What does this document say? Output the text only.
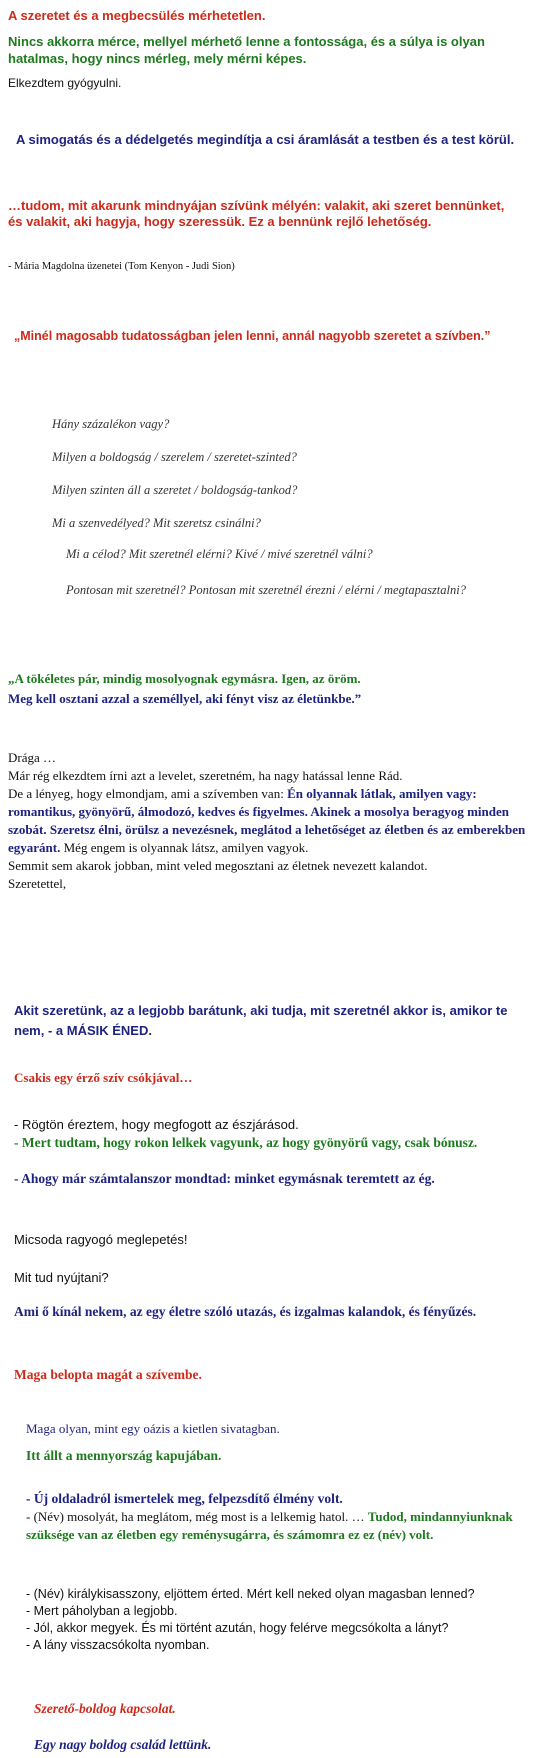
A szeretet és a megbecsülés mérhetetlen.

Nincs akkorra mérce, mellyel mérhető lenne a fontossága, és a súlya is olyan hatalmas, hogy nincs mérleg, mely mérni képes.

Elkezdtem gyógyulni.

A simogatás és a dédelgetés megindítja a csi áramlását a testben és a test körül.

…tudom, mit akarunk mindnyájan szívünk mélyén: valakit, aki szeret bennünket, és valakit, aki hagyja, hogy szeressük. Ez a bennünk rejlő lehetőség.

- Mária Magdolna üzenetei (Tom Kenyon - Judi Sion)

„Minél magosabb tudatosságban jelen lenni, annál nagyobb szeretet a szívben.”

Hány százalékon vagy?

Milyen a boldogság / szerelem / szeretet-szinted?

Milyen szinten áll a szeretet / boldogság-tankod?

Mi a szenvedélyed? Mit szeretsz csinálni?

Mi a célod? Mit szeretnél elérni? Kivé / mivé szeretnél válni?

Pontosan mit szeretnél? Pontosan mit szeretnél érezni / elérni / megtapasztalni?

„A tökéletes pár, mindig mosolyognak egymásra. Igen, az öröm.

Meg kell osztani azzal a személlyel, aki fényt visz az életünkbe.”

Drága …
Már rég elkezdtem írni azt a levelet, szeretném, ha nagy hatással lenne Rád.
De a lényeg, hogy elmondjam, ami a szívemben van: Én olyannak látlak, amilyen vagy: romantikus, gyönyörű, álmodozó, kedves és figyelmes. Akinek a mosolya beragyog minden szobát. Szeretsz élni, örülsz a nevezésnek, meglátod a lehetőséget az életben és az emberekben egyaránt. Még engem is olyannak látsz, amilyen vagyok.
Semmit sem akarok jobban, mint veled megosztani az életnek nevezett kalandot.
Szeretettel,

Akit szeretünk, az a legjobb barátunk, aki tudja, mit szeretnél akkor is, amikor te nem, - a MÁSIK ÉNED.

Csakis egy érző szív csókjával…

- Rögtön éreztem, hogy megfogott az észjárásod.

- Mert tudtam, hogy rokon lelkek vagyunk, az hogy gyönyörű vagy, csak bónusz.

- Ahogy már számtalanszor mondtad: minket egymásnak teremtett az ég.

Micsoda ragyogó meglepetés!

Mit tud nyújtani?

Ami ő kínál nekem, az egy életre szóló utazás, és izgalmas kalandok, és fényűzés.

Maga belopta magát a szívembe.

Maga olyan, mint egy oázis a kietlen sivatagban.

Itt állt a mennyország kapujában.

- Új oldaladról ismertelek meg, felpezsdítő élmény volt.

- (Név) mosolyát, ha meglátom, még most is a lelkemig hatol. … Tudod, mindannyiunknak szüksége van az életben egy reménysugárra, és számomra ez ez (név) volt.

- (Név) királykisasszony, eljöttem érted. Mért kell neked olyan magasban lenned?
- Mert páholyban a legjobb.
- Jól, akkor megyek. És mi történt azután, hogy felérve megcsókolta a lányt?
- A lány visszacsókolta nyomban.

Szerető-boldog kapcsolat.

Egy nagy boldog család lettünk.
